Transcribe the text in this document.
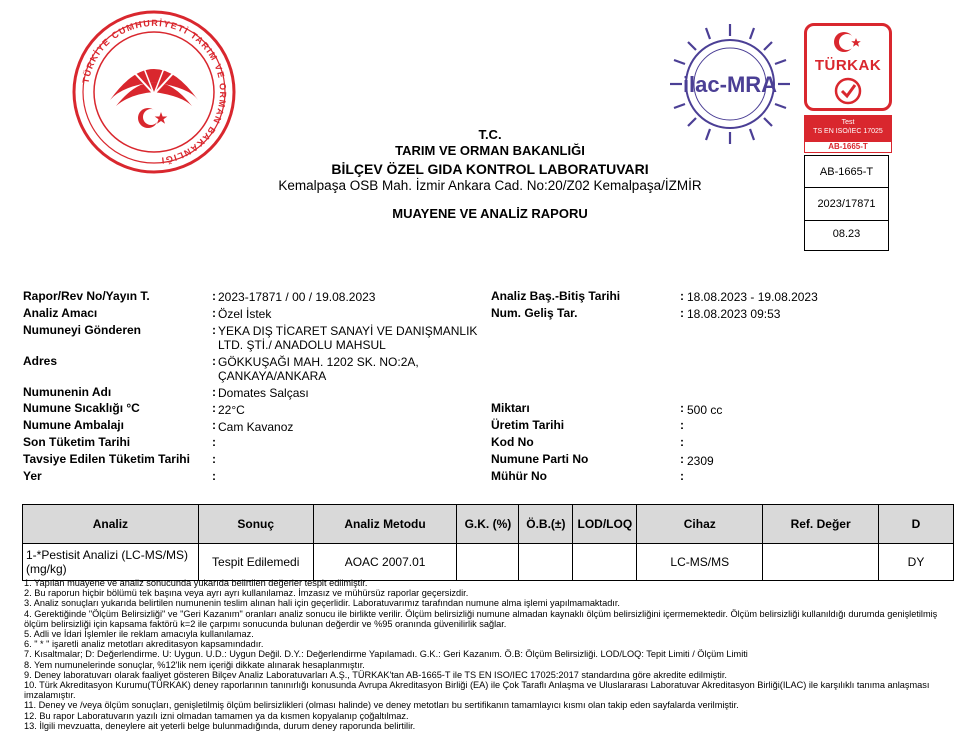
TÜRKİYE CUMHURİYETİ TARIM VE ORMAN BAKANLIĞI
ilac-MRA
TÜRKAK
Test
TS EN ISO/IEC 17025
AB-1665-T
T.C.
TARIM VE ORMAN BAKANLIĞI
BİLÇEV ÖZEL GIDA KONTROL LABORATUVARI
Kemalpaşa OSB Mah. İzmir Ankara Cad. No:20/Z02 Kemalpaşa/İZMİR
MUAYENE VE ANALİZ RAPORU
AB-1665-T
2023/17871
08.23
Rapor/Rev No/Yayın T.	: 2023-17871 / 00 / 19.08.2023
Analiz Amacı	: Özel İstek
Numuneyi Gönderen	: YEKA DIŞ TİCARET SANAYİ VE DANIŞMANLIK
LTD. ŞTİ./ ANADOLU MAHSUL
Adres	: GÖKKUŞAĞI MAH. 1202 SK. NO:2A,
ÇANKAYA/ANKARA
Numunenin Adı	: Domates Salçası
Numune Sıcaklığı °C	: 22°C
Numune Ambalajı	: Cam Kavanoz
Son Tüketim Tarihi	:
Tavsiye Edilen Tüketim Tarihi :
Yer	:
Analiz Baş.-Bitiş Tarihi	: 18.08.2023 - 19.08.2023
Num. Geliş Tar.	: 18.08.2023 09:53
Miktarı	: 500 cc
Üretim Tarihi	:
Kod No	:
Numune Parti No	: 2309
Mühür No	:
Analiz	Sonuç	Analiz Metodu	G.K. (%)	Ö.B.(±)	LOD/LOQ	Cihaz	Ref. Değer	D

1-*Pestisit Analizi (LC-MS/MS)
(mg/kg)	Tespit Edilemedi	AOAC 2007.01				LC-MS/MS		DY
1. Yapılan muayene ve analiz sonucunda yukarıda belirtilen değerler tespit edilmiştir.
2. Bu raporun hiçbir bölümü tek başına veya ayrı ayrı kullanılamaz. İmzasız ve mühürsüz raporlar geçersizdir.
3. Analiz sonuçları yukarıda belirtilen numunenin teslim alınan hali için geçerlidir. Laboratuvarımız tarafından numune alma işlemi yapılmamaktadır.
4. Gerektiğinde "Ölçüm Belirsizliği" ve "Geri Kazanım" oranları analiz sonucu ile birlikte verilir. Ölçüm belirsizliği numune almadan kaynaklı ölçüm belirsizliğini içermemektedir. Ölçüm belirsizliği kullanıldığı durumda genişletilmiş ölçüm belirsizliği için kapsama faktörü k=2 ile çarpımı sonucunda bulunan değerdir ve %95 oranında güvenilirlik sağlar.
5. Adli ve İdari İşlemler ile reklam amacıyla kullanılamaz.
6. " * " işaretli analiz metotları akreditasyon kapsamındadır.
7. Kısaltmalar; D: Değerlendirme. U: Uygun. U.D.: Uygun Değil. D.Y.: Değerlendirme Yapılamadı. G.K.: Geri Kazanım. Ö.B: Ölçüm Belirsizliği. LOD/LOQ: Tepit Limiti / Ölçüm Limiti
8. Yem numunelerinde sonuçlar, %12'lik nem içeriği dikkate alınarak hesaplanmıştır.
9. Deney laboratuvarı olarak faaliyet gösteren Bilçev Analiz Laboratuvarları A.Ş., TÜRKAK'tan AB-1665-T ile TS EN ISO/IEC 17025:2017 standardına göre akredite edilmiştir.
10. Türk Akreditasyon Kurumu(TÜRKAK) deney raporlarının tanınırlığı konusunda Avrupa Akreditasyon Birliği (EA) ile Çok Taraflı Anlaşma ve Uluslararası Laboratuvar Akreditasyon Birliği(ILAC) ile karşılıklı tanıma anlaşması imzalamıştır.
11. Deney ve /veya ölçüm sonuçları, genişletilmiş ölçüm belirsizlikleri (olması halinde) ve deney metotları bu sertifikanın tamamlayıcı kısmı olan takip eden sayfalarda verilmiştir.
12. Bu rapor Laboratuvarın yazılı izni olmadan tamamen ya da kısmen kopyalanıp çoğaltılmaz.
13. İlgili mevzuatta, deneylere ait yeterli belge bulunmadığında, durum deney raporunda belirtilir.
